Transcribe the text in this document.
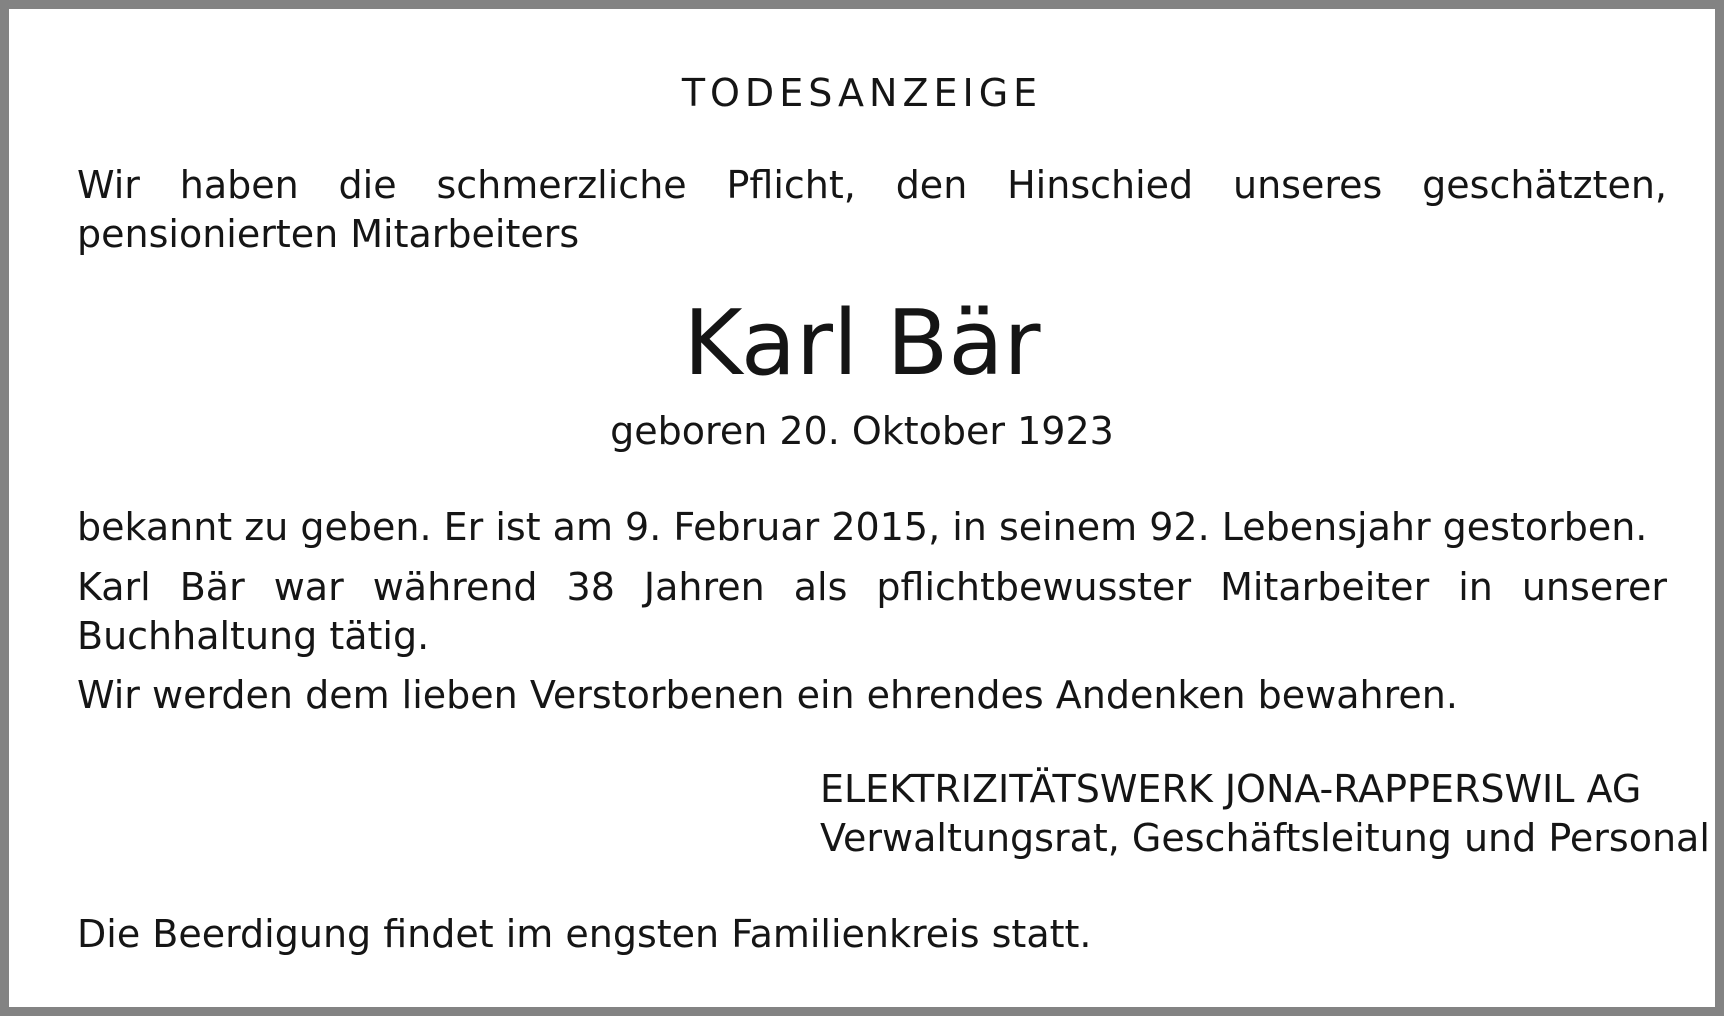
TODESANZEIGE
Wir haben die schmerzliche Pflicht, den Hinschied unseres geschätzten, pensionierten Mitarbeiters
Karl Bär
geboren 20. Oktober 1923
bekannt zu geben. Er ist am 9. Februar 2015, in seinem 92. Lebensjahr gestorben.
Karl Bär war während 38 Jahren als pflichtbewusster Mitarbeiter in unserer Buchhaltung tätig.
Wir werden dem lieben Verstorbenen ein ehrendes Andenken bewahren.
ELEKTRIZITÄTSWERK JONA-RAPPERSWIL AG
Verwaltungsrat, Geschäftsleitung und Personal
Die Beerdigung findet im engsten Familienkreis statt.
